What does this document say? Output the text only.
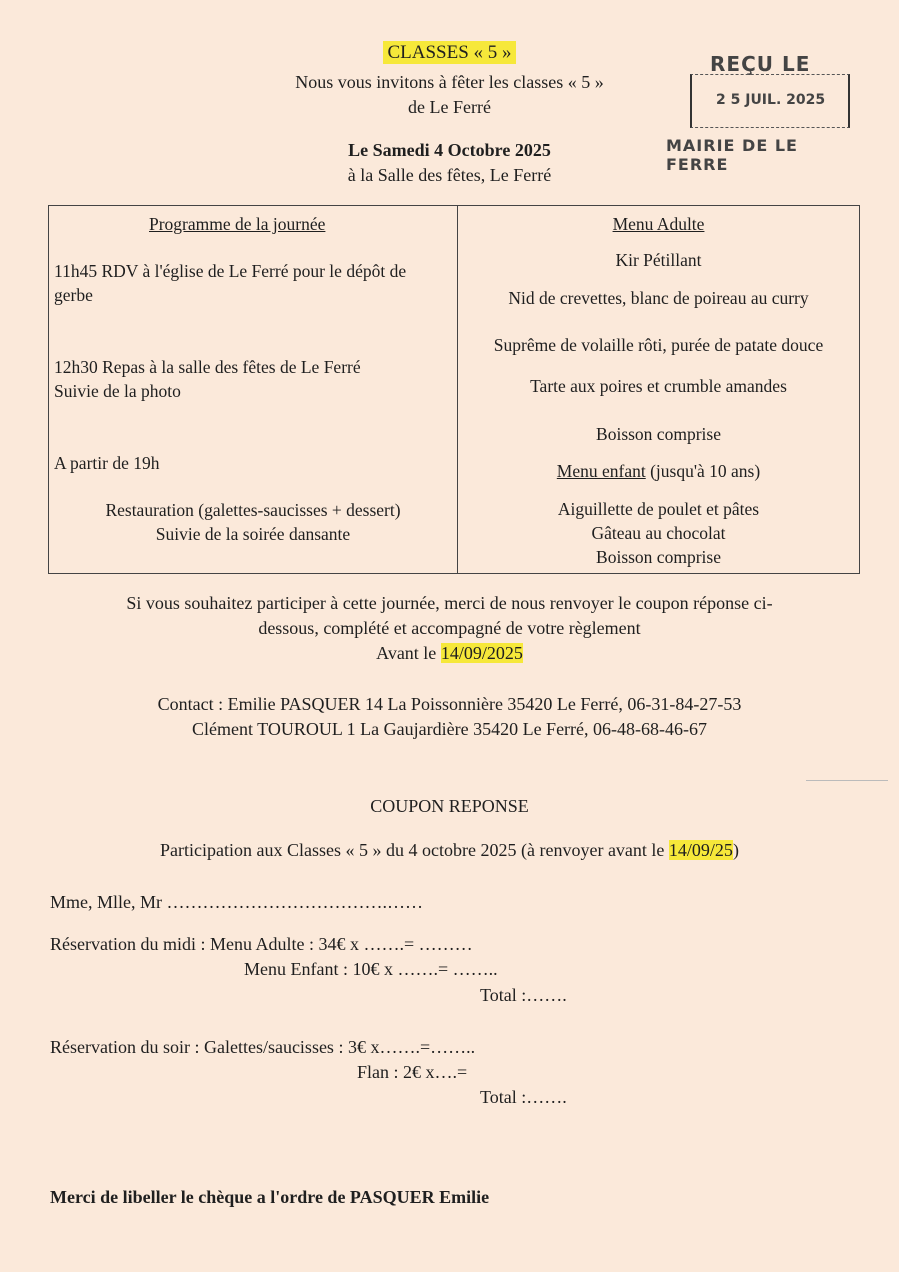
CLASSES « 5 »
Nous vous invitons à fêter les classes « 5 »
de Le Ferré
Le Samedi 4 Octobre 2025
à la Salle des fêtes, Le Ferré
REÇU LE
2 5 JUIL. 2025
MAIRIE DE LE FERRE
Programme de la journée
11h45 RDV à l'église de Le Ferré pour le dépôt de gerbe
12h30 Repas à la salle des fêtes de Le Ferré
Suivie de la photo
A partir de 19h
Restauration (galettes-saucisses + dessert)
Suivie de la soirée dansante
Menu Adulte
Kir Pétillant
Nid de crevettes, blanc de poireau au curry
Suprême de volaille rôti, purée de patate douce
Tarte aux poires et crumble amandes
Boisson comprise
Menu enfant (jusqu'à 10 ans)
Aiguillette de poulet et pâtes
Gâteau au chocolat
Boisson comprise
Si vous souhaitez participer à cette journée, merci de nous renvoyer le coupon réponse ci-
dessous, complété et accompagné de votre règlement
Avant le 14/09/2025
Contact : Emilie PASQUER 14 La Poissonnière 35420 Le Ferré, 06-31-84-27-53
Clément TOUROUL 1 La Gaujardière 35420 Le Ferré, 06-48-68-46-67
COUPON REPONSE
Participation aux Classes « 5 » du 4 octobre 2025 (à renvoyer avant le 14/09/25)
Mme, Mlle, Mr ……………………………….……
Réservation du midi : Menu Adulte : 34€ x …….= ………
Menu Enfant : 10€ x …….= ……..
Total :…….
Réservation du soir : Galettes/saucisses : 3€ x…….=……..
Flan : 2€ x….=
Total :…….
Merci de libeller le chèque a l'ordre de PASQUER Emilie
